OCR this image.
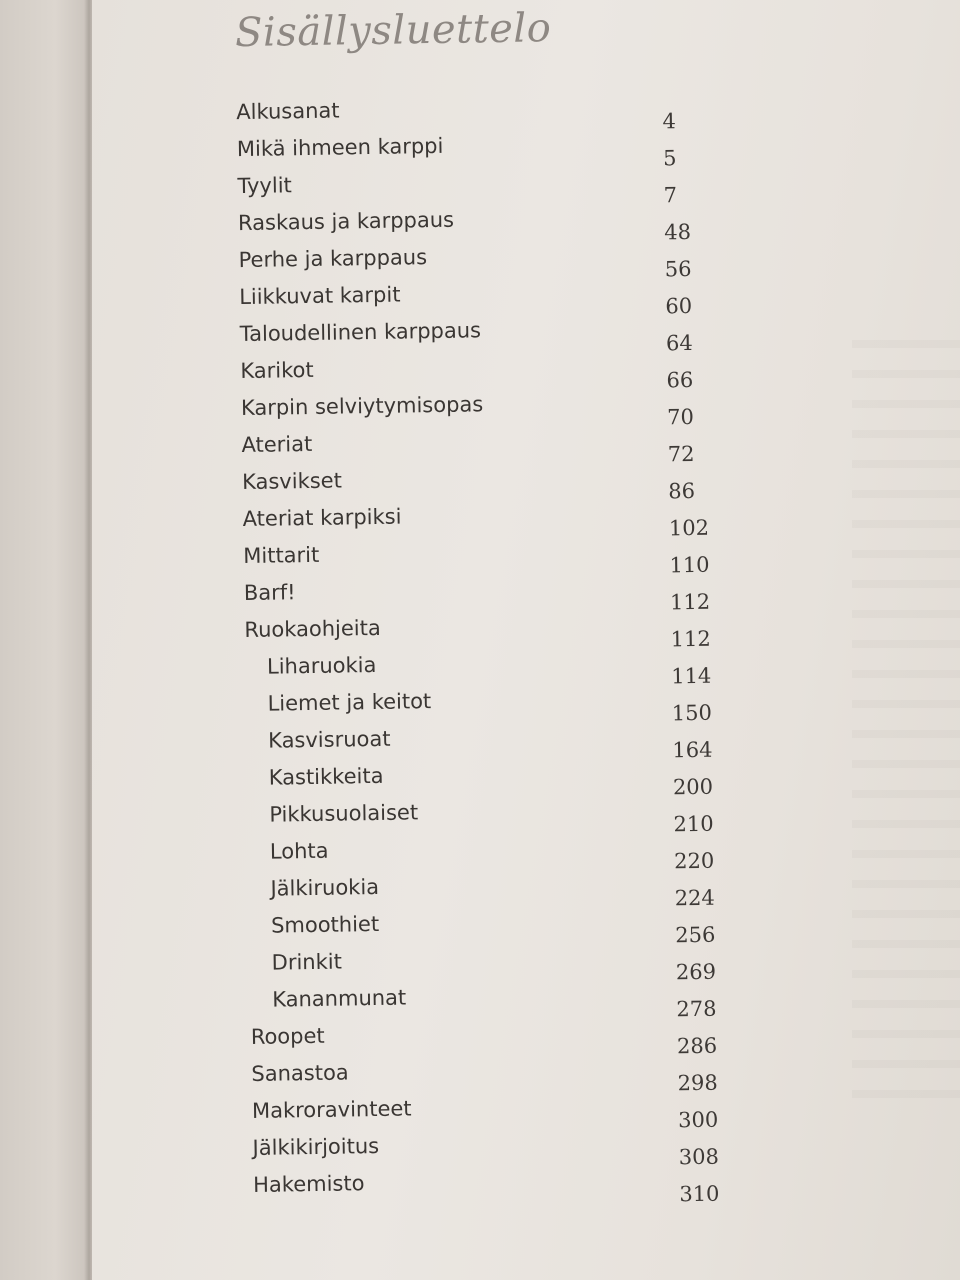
Sisällysluettelo
Alkusanat	4
Mikä ihmeen karppi	5
Tyylit	7
Raskaus ja karppaus	48
Perhe ja karppaus	56
Liikkuvat karpit	60
Taloudellinen karppaus	64
Karikot	66
Karpin selviytymisopas	70
Ateriat	72
Kasvikset	86
Ateriat karpiksi	102
Mittarit	110
Barf!	112
Ruokaohjeita	112
Liharuokia	114
Liemet ja keitot	150
Kasvisruoat	164
Kastikkeita	200
Pikkusuolaiset	210
Lohta	220
Jälkiruokia	224
Smoothiet	256
Drinkit	269
Kananmunat	278
Roopet	286
Sanastoa	298
Makroravinteet	300
Jälkikirjoitus	308
Hakemisto	310
